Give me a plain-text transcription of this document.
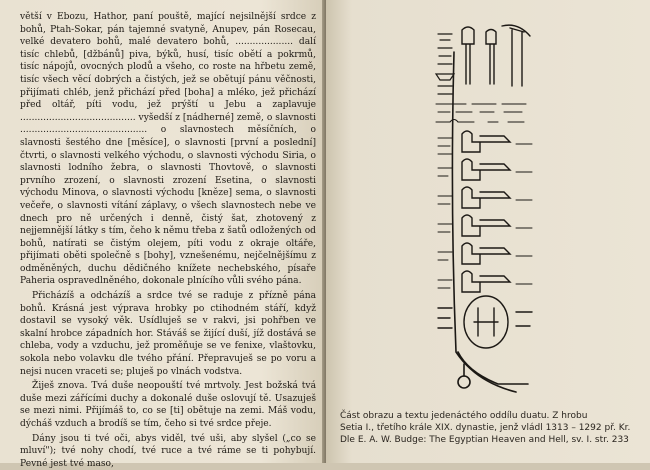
větší v Ebozu, Hathor, paní pouště, mající nejsilnější srdce z bohů, Ptah-Sokar, pán tajemné svatyně, Anupev, pán Rosecau, velké devatero bohů, malé devatero bohů, .................... dalí tisíc chlebů, [džbánů] piva, býků, husí, tisíc obětí a pokrmů, tisíc nápojů, ovocných plodů a všeho, co roste na hřbetu země, tisíc všech věcí dobrých a čistých, jež se obětují pánu věčnosti, přijímati chléb, jenž přichází před [boha] a mléko, jež přichází před oltář, píti vodu, jež prýští u Jebu a zaplavuje ........................................ vyšedší z [nádherné] země, o slavnosti ............................................ o slavnostech měsíčních, o slavnosti šestého dne [měsíce], o slavnosti [první a poslední] čtvrti, o slavnosti velkého východu, o slavnosti východu Siria, o slavnosti lodního žebra, o slavnosti Thovtově, o slavnosti prvního zrození, o slavnosti zrození Esetina, o slavnosti východu Minova, o slavnosti východu [kněze] sema, o slavnosti večeře, o slavnosti vítání záplavy, o všech slavnostech nebe ve dnech pro ně určených i denně, čistý šat, zhotovený z nejjemnější látky s tím, čeho k němu třeba z šatů odložených od bohů, natírati se čistým olejem, píti vodu z okraje oltáře, přijímati oběti společně s [bohy], vznešenému, nejčelnějšímu z odměněných, duchu dědičného knížete nechebského, písaře Paheria ospravedlněného, dokonale plnícího vůli svého pána.

Přicházíš a odcházíš a srdce tvé se raduje z přízně pána bohů. Krásná jest výprava hrobky po ctihodném stáří, když dostavil se vysoký věk. Usídluješ se v rakvi, jsi pohřben ve skalní hrobce západních hor. Stáváš se žijící duší, jíž dostává se chleba, vody a vzduchu, jež proměňuje se ve fenixe, vlaštovku, sokola nebo volavku dle tvého přání. Přepravuješ se po voru a nejsi nucen vraceti se; pluješ po vlnách vodstva.

Žiješ znova. Tvá duše neopouští tvé mrtvoly. Jest božská tvá duše mezi zářícími duchy a dokonalé duše oslovují tě. Usazuješ se mezi nimi. Přijímáš to, co se [ti] obětuje na zemi. Máš vodu, dýcháš vzduch a brodíš se tím, čeho si tvé srdce přeje.

Dány jsou ti tvé oči, abys viděl, tvé uši, aby slyšel („co se mluví"); tvé nohy chodí, tvé ruce a tvé ráme se ti pohybují. Pevné jest tvé maso,

Část obrazu a textu jedenáctého oddílu duatu. Z hrobu
Setia I., třetího krále XIX. dynastie, jenž vládl 1313 – 1292 př. Kr.
Dle E. A. W. Budge: The Egyptian Heaven and Hell, sv. I. str. 233
